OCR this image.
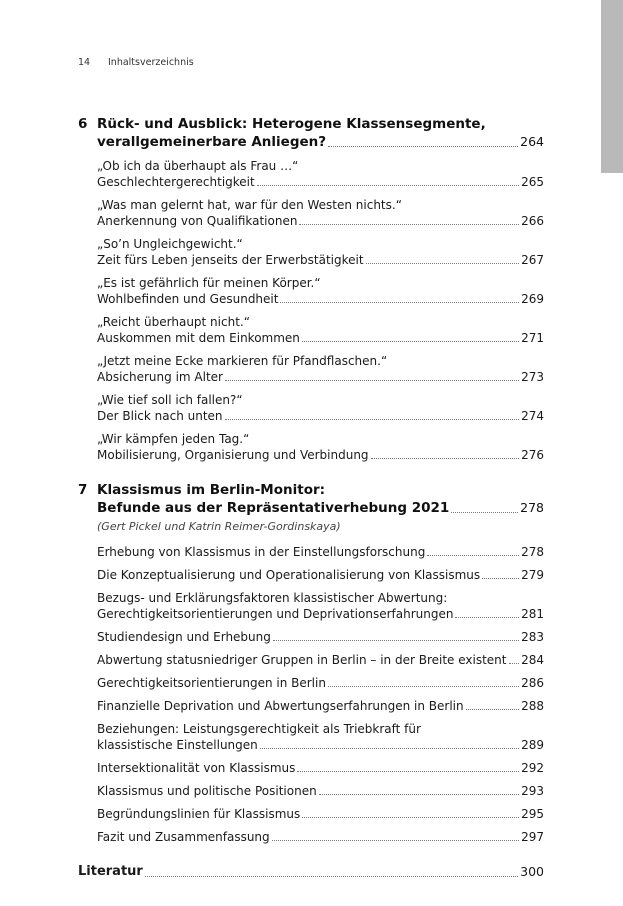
14 Inhaltsverzeichnis
6 Rück- und Ausblick: Heterogene Klassensegmente,
verallgemeinerbare Anliegen?	264
„Ob ich da überhaupt als Frau …“
Geschlechtergerechtigkeit	265
„Was man gelernt hat, war für den Westen nichts.“
Anerkennung von Qualifikationen	266
„So’n Ungleichgewicht.“
Zeit fürs Leben jenseits der Erwerbstätigkeit	267
„Es ist gefährlich für meinen Körper.“
Wohlbefinden und Gesundheit	269
„Reicht überhaupt nicht.“
Auskommen mit dem Einkommen	271
„Jetzt meine Ecke markieren für Pfandflaschen.“
Absicherung im Alter	273
„Wie tief soll ich fallen?“
Der Blick nach unten	274
„Wir kämpfen jeden Tag.“
Mobilisierung, Organisierung und Verbindung	276
7 Klassismus im Berlin-Monitor:
Befunde aus der Repräsentativerhebung 2021	278
(Gert Pickel und Katrin Reimer-Gordinskaya)
Erhebung von Klassismus in der Einstellungsforschung	278
Die Konzeptualisierung und Operationalisierung von Klassismus	279
Bezugs- und Erklärungsfaktoren klassistischer Abwertung:
Gerechtigkeitsorientierungen und Deprivationserfahrungen	281
Studiendesign und Erhebung	283
Abwertung statusniedriger Gruppen in Berlin – in der Breite existent 284
Gerechtigkeitsorientierungen in Berlin	286
Finanzielle Deprivation und Abwertungserfahrungen in Berlin	288
Beziehungen: Leistungsgerechtigkeit als Triebkraft für
klassistische Einstellungen	289
Intersektionalität von Klassismus	292
Klassismus und politische Positionen	293
Begründungslinien für Klassismus	295
Fazit und Zusammenfassung	297
Literatur	300
